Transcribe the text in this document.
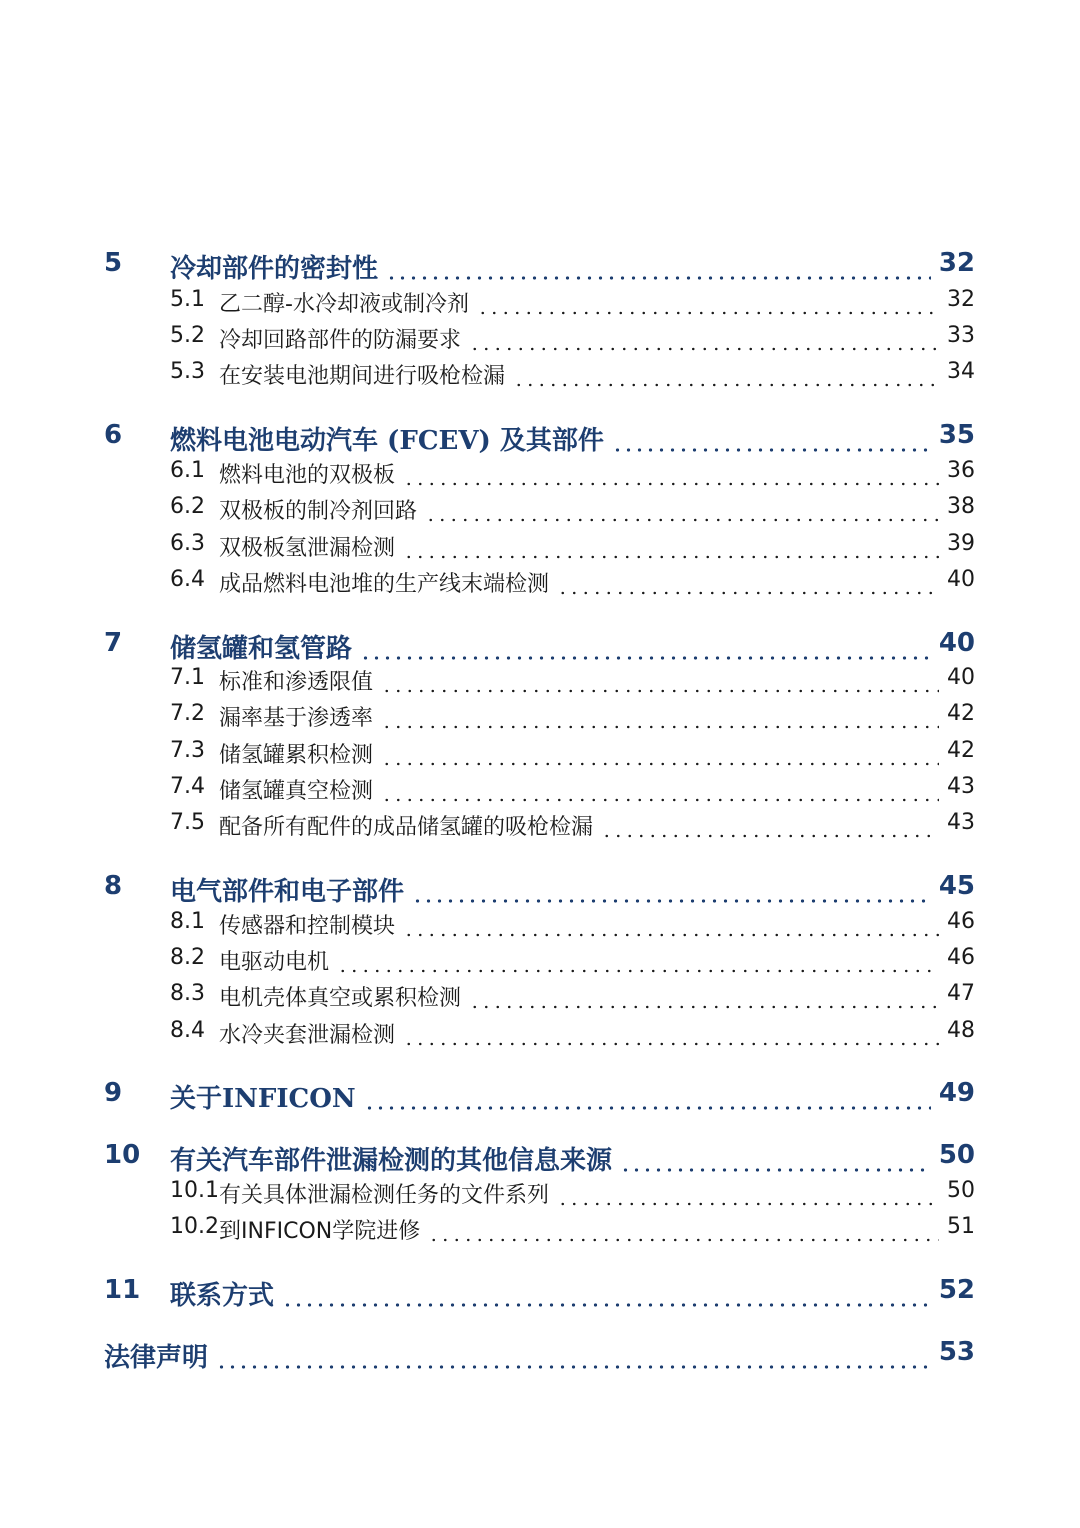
5 冷却部件的密封性	32
5.1 乙二醇-水冷却液或制冷剂	32
5.2 冷却回路部件的防漏要求	33
5.3 在安装电池期间进行吸枪检漏	34
6 燃料电池电动汽车 (FCEV) 及其部件	35
6.1 燃料电池的双极板	36
6.2 双极板的制冷剂回路	38
6.3 双极板氢泄漏检测	39
6.4 成品燃料电池堆的生产线末端检测	40
7 储氢罐和氢管路	40
7.1 标准和渗透限值	40
7.2 漏率基于渗透率	42
7.3 储氢罐累积检测	42
7.4 储氢罐真空检测	43
7.5 配备所有配件的成品储氢罐的吸枪检漏	43
8 电气部件和电子部件	45
8.1 传感器和控制模块	46
8.2 电驱动电机	46
8.3 电机壳体真空或累积检测	47
8.4 水冷夹套泄漏检测	48
9 关于INFICON	49
10 有关汽车部件泄漏检测的其他信息来源	50
10.1 有关具体泄漏检测任务的文件系列	50
10.2 到INFICON学院进修	51
11 联系方式	52
法律声明	53
